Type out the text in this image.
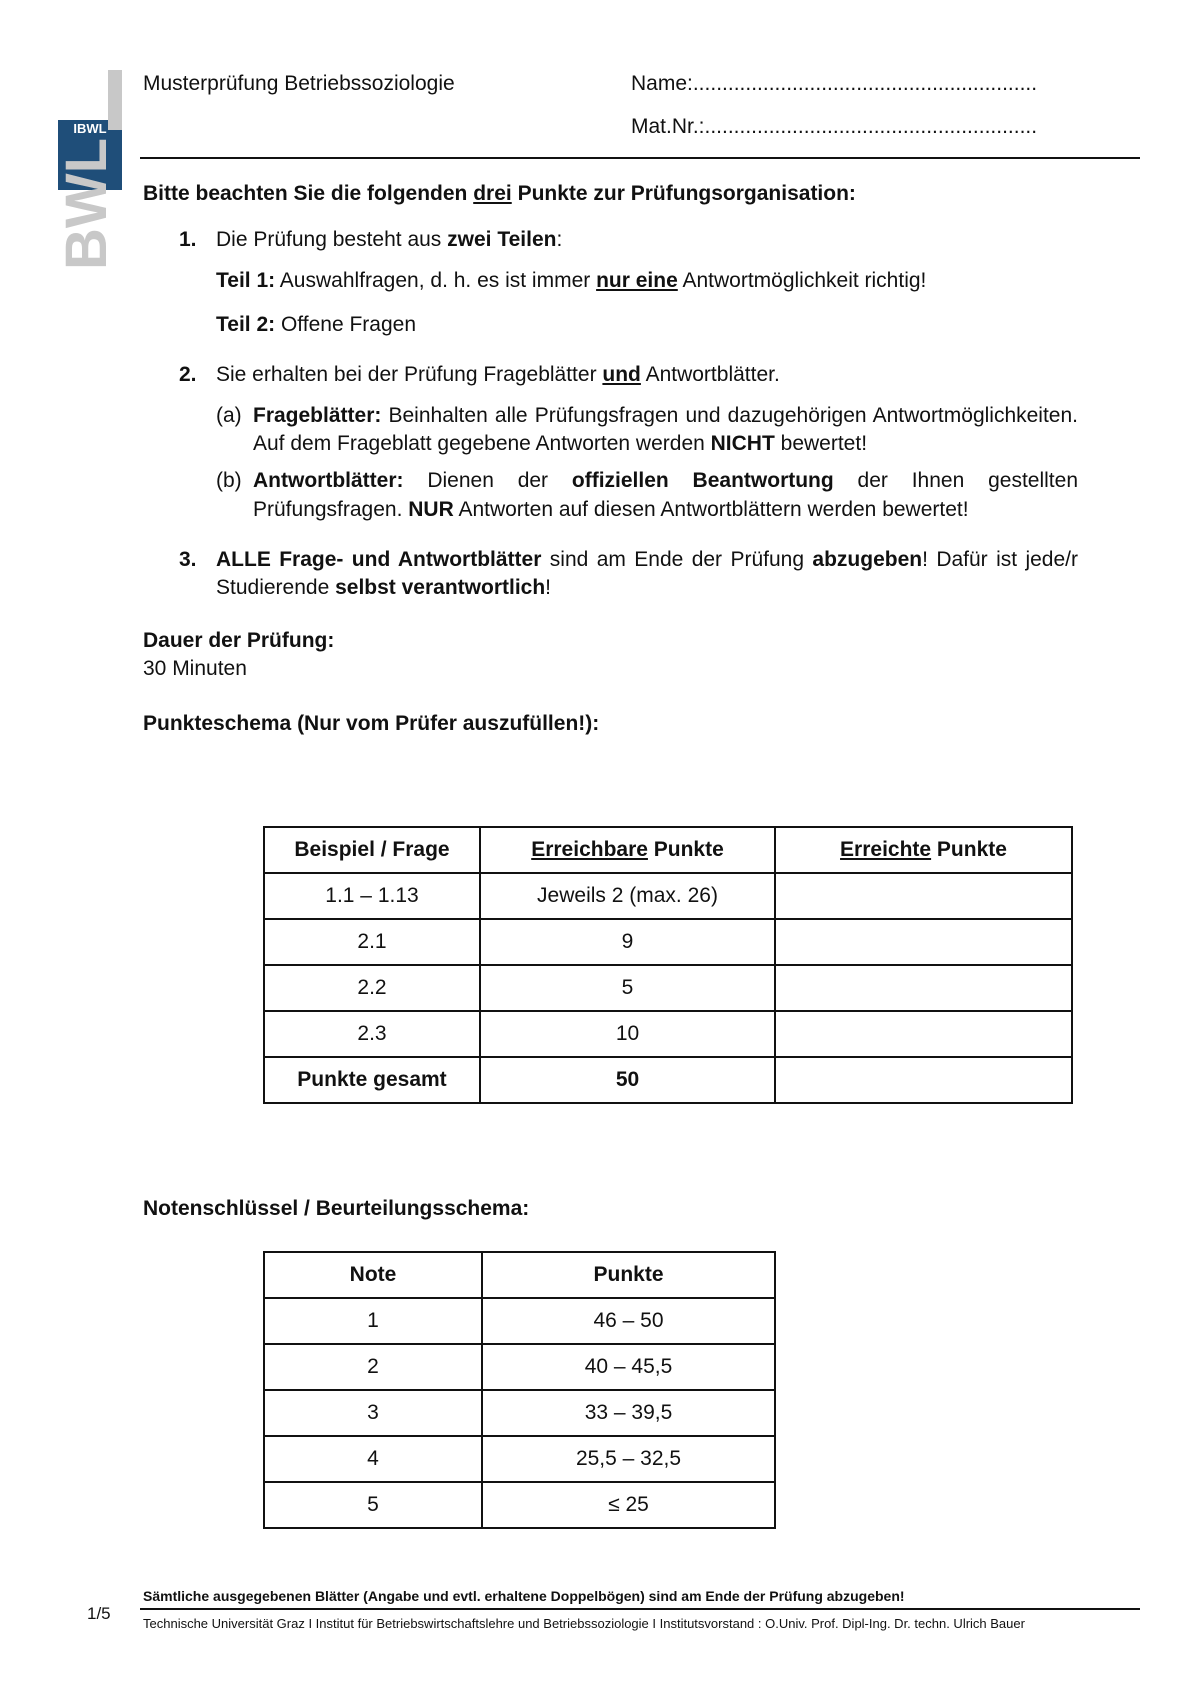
IBWL
BWL
Musterprüfung Betriebssoziologie	Name:...........................................................
Mat.Nr.:.........................................................
Bitte beachten Sie die folgenden drei Punkte zur Prüfungsorganisation:
1. Die Prüfung besteht aus zwei Teilen:
Teil 1: Auswahlfragen, d. h. es ist immer nur eine Antwortmöglichkeit richtig!
Teil 2: Offene Fragen
2. Sie erhalten bei der Prüfung Frageblätter und Antwortblätter.
(a) Frageblätter: Beinhalten alle Prüfungsfragen und dazugehörigen Antwortmöglichkeiten. Auf dem Frageblatt gegebene Antworten werden NICHT bewertet!
(b) Antwortblätter: Dienen der offiziellen Beantwortung der Ihnen gestellten Prüfungsfragen. NUR Antworten auf diesen Antwortblättern werden bewertet!
3. ALLE Frage- und Antwortblätter sind am Ende der Prüfung abzugeben! Dafür ist jede/r Studierende selbst verantwortlich!
Dauer der Prüfung:
30 Minuten
Punkteschema (Nur vom Prüfer auszufüllen!):
Beispiel / Frage	Erreichbare Punkte	Erreichte Punkte
1.1 – 1.13	Jeweils 2 (max. 26)	
2.1	9	
2.2	5	
2.3	10	
Punkte gesamt	50	
Notenschlüssel / Beurteilungsschema:
Note	Punkte
1	46 – 50
2	40 – 45,5
3	33 – 39,5
4	25,5 – 32,5
5	≤ 25
Sämtliche ausgegebenen Blätter (Angabe und evtl. erhaltene Doppelbögen) sind am Ende der Prüfung abzugeben!
Technische Universität Graz I Institut für Betriebswirtschaftslehre und Betriebssoziologie I Institutsvorstand : O.Univ. Prof. Dipl-Ing. Dr. techn. Ulrich Bauer
1/5
